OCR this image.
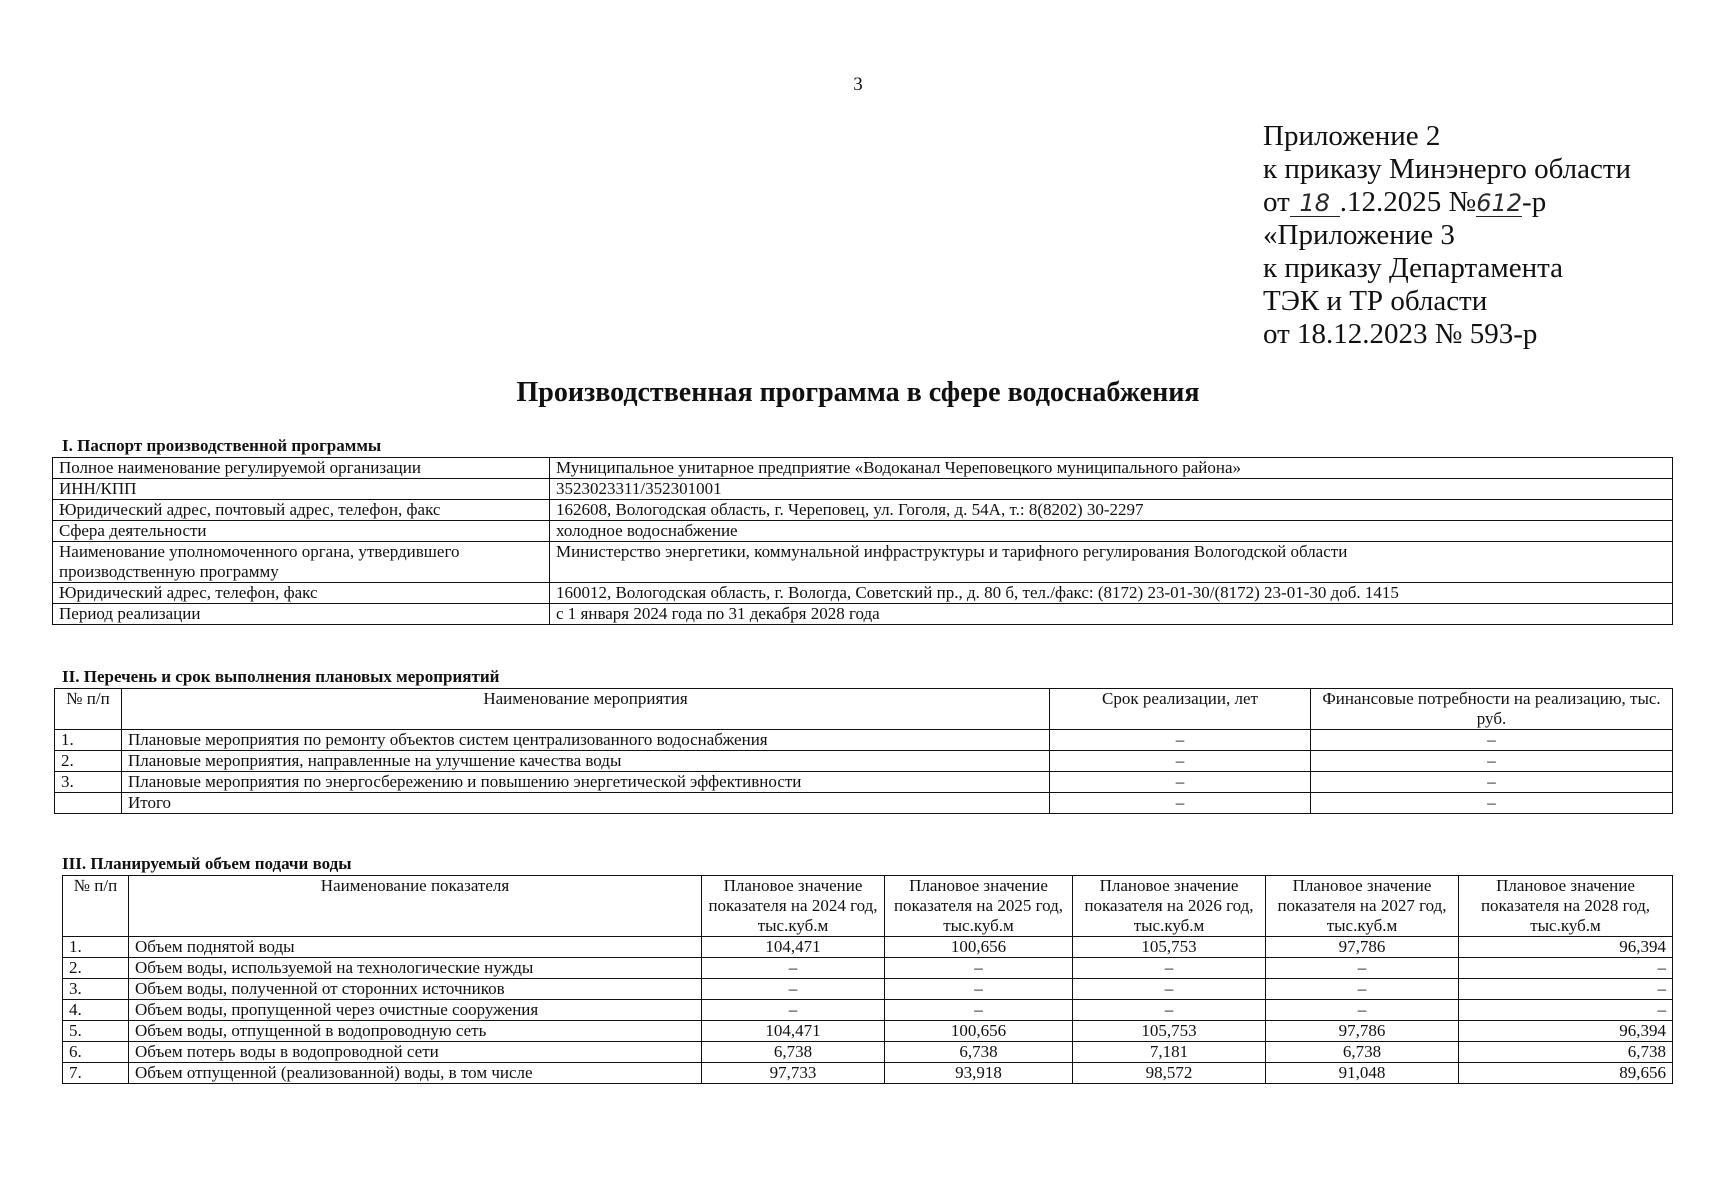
3
Приложение 2
к приказу Минэнерго области
от 18 .12.2025 №612-р
«Приложение 3
к приказу Департамента
ТЭК и ТР области
от 18.12.2023 № 593-р
Производственная программа в сфере водоснабжения
I. Паспорт производственной программы
Полное наименование регулируемой организации	Муниципальное унитарное предприятие «Водоканал Череповецкого муниципального района»
ИНН/КПП	3523023311/352301001
Юридический адрес, почтовый адрес, телефон, факс	162608, Вологодская область, г. Череповец, ул. Гоголя, д. 54А, т.: 8(8202) 30-2297
Сфера деятельности	холодное водоснабжение
Наименование уполномоченного органа, утвердившего производственную программу	Министерство энергетики, коммунальной инфраструктуры и тарифного регулирования Вологодской области
Юридический адрес, телефон, факс	160012, Вологодская область, г. Вологда, Советский пр., д. 80 б, тел./факс: (8172) 23-01-30/(8172) 23-01-30 доб. 1415
Период реализации	с 1 января 2024 года по 31 декабря 2028 года
II. Перечень и срок выполнения плановых мероприятий
№ п/п	Наименование мероприятия	Срок реализации, лет	Финансовые потребности на реализацию, тыс. руб.
1.	Плановые мероприятия по ремонту объектов систем централизованного водоснабжения	–	–
2.	Плановые мероприятия, направленные на улучшение качества воды	–	–
3.	Плановые мероприятия по энергосбережению и повышению энергетической эффективности	–	–
	Итого	–	–
III. Планируемый объем подачи воды
№ п/п	Наименование показателя	Плановое значение показателя на 2024 год, тыс.куб.м	Плановое значение показателя на 2025 год, тыс.куб.м	Плановое значение показателя на 2026 год, тыс.куб.м	Плановое значение показателя на 2027 год, тыс.куб.м	Плановое значение показателя на 2028 год, тыс.куб.м
1.	Объем поднятой воды	104,471	100,656	105,753	97,786	96,394
2.	Объем воды, используемой на технологические нужды	–	–	–	–	–
3.	Объем воды, полученной от сторонних источников	–	–	–	–	–
4.	Объем воды, пропущенной через очистные сооружения	–	–	–	–	–
5.	Объем воды, отпущенной в водопроводную сеть	104,471	100,656	105,753	97,786	96,394
6.	Объем потерь воды в водопроводной сети	6,738	6,738	7,181	6,738	6,738
7.	Объем отпущенной (реализованной) воды, в том числе	97,733	93,918	98,572	91,048	89,656
